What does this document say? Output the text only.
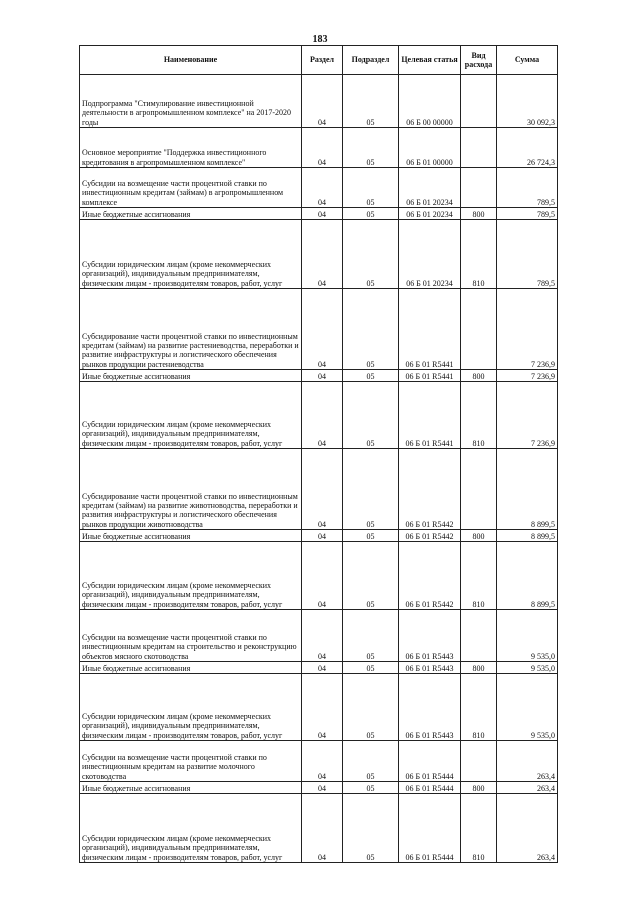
183
Наименование	Раздел	Подраздел	Целевая статья	Вид расхода	Сумма
Подпрограмма "Стимулирование инвестиционной деятельности в агропромышленном комплексе" на 2017-2020 годы	04	05	06 Б 00 00000		30 092,3
Основное мероприятие "Поддержка инвестиционного кредитования в агропромышленном комплексе"	04	05	06 Б 01 00000		26 724,3
Субсидии на возмещение части процентной ставки по инвестиционным кредитам (займам) в агропромышленном комплексе	04	05	06 Б 01 20234		789,5
Иные бюджетные ассигнования	04	05	06 Б 01 20234	800	789,5
Субсидии юридическим лицам (кроме некоммерческих организаций), индивидуальным предпринимателям, физическим лицам - производителям товаров, работ, услуг	04	05	06 Б 01 20234	810	789,5
Субсидирование части процентной ставки по инвестиционным кредитам (займам) на развитие растениеводства, переработки и развитие инфраструктуры и логистического обеспечения рынков продукции растениеводства	04	05	06 Б 01 R5441		7 236,9
Иные бюджетные ассигнования	04	05	06 Б 01 R5441	800	7 236,9
Субсидии юридическим лицам (кроме некоммерческих организаций), индивидуальным предпринимателям, физическим лицам - производителям товаров, работ, услуг	04	05	06 Б 01 R5441	810	7 236,9
Субсидирование части процентной ставки по инвестиционным кредитам (займам) на развитие животноводства, переработки и развития инфраструктуры и логистического обеспечения рынков продукции животноводства	04	05	06 Б 01 R5442		8 899,5
Иные бюджетные ассигнования	04	05	06 Б 01 R5442	800	8 899,5
Субсидии юридическим лицам (кроме некоммерческих организаций), индивидуальным предпринимателям, физическим лицам - производителям товаров, работ, услуг	04	05	06 Б 01 R5442	810	8 899,5
Субсидии на возмещение части процентной ставки по инвестиционным кредитам на строительство и реконструкцию объектов мясного скотоводства	04	05	06 Б 01 R5443		9 535,0
Иные бюджетные ассигнования	04	05	06 Б 01 R5443	800	9 535,0
Субсидии юридическим лицам (кроме некоммерческих организаций), индивидуальным предпринимателям, физическим лицам - производителям товаров, работ, услуг	04	05	06 Б 01 R5443	810	9 535,0
Субсидии на возмещение части процентной ставки по инвестиционным кредитам на развитие молочного скотоводства	04	05	06 Б 01 R5444		263,4
Иные бюджетные ассигнования	04	05	06 Б 01 R5444	800	263,4
Субсидии юридическим лицам (кроме некоммерческих организаций), индивидуальным предпринимателям, физическим лицам - производителям товаров, работ, услуг	04	05	06 Б 01 R5444	810	263,4
